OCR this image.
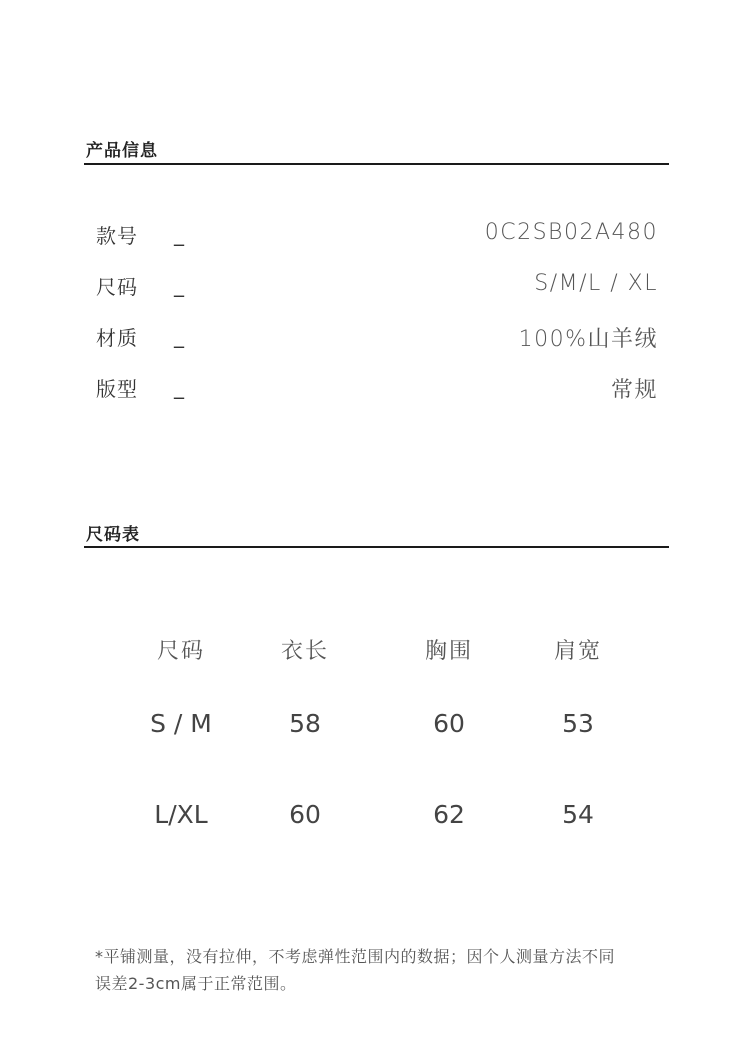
产品信息
款号 _	0C2SB02A480
尺码 _	S/M/L / XL
材质 _	100%山羊绒
版型 _	常规
尺码表
尺码	衣长	胸围	肩宽
S / M	58	60	53
L/XL	60	62	54
*平铺测量，没有拉伸，不考虑弹性范围内的数据；因个人测量方法不同
误差2-3cm属于正常范围。
